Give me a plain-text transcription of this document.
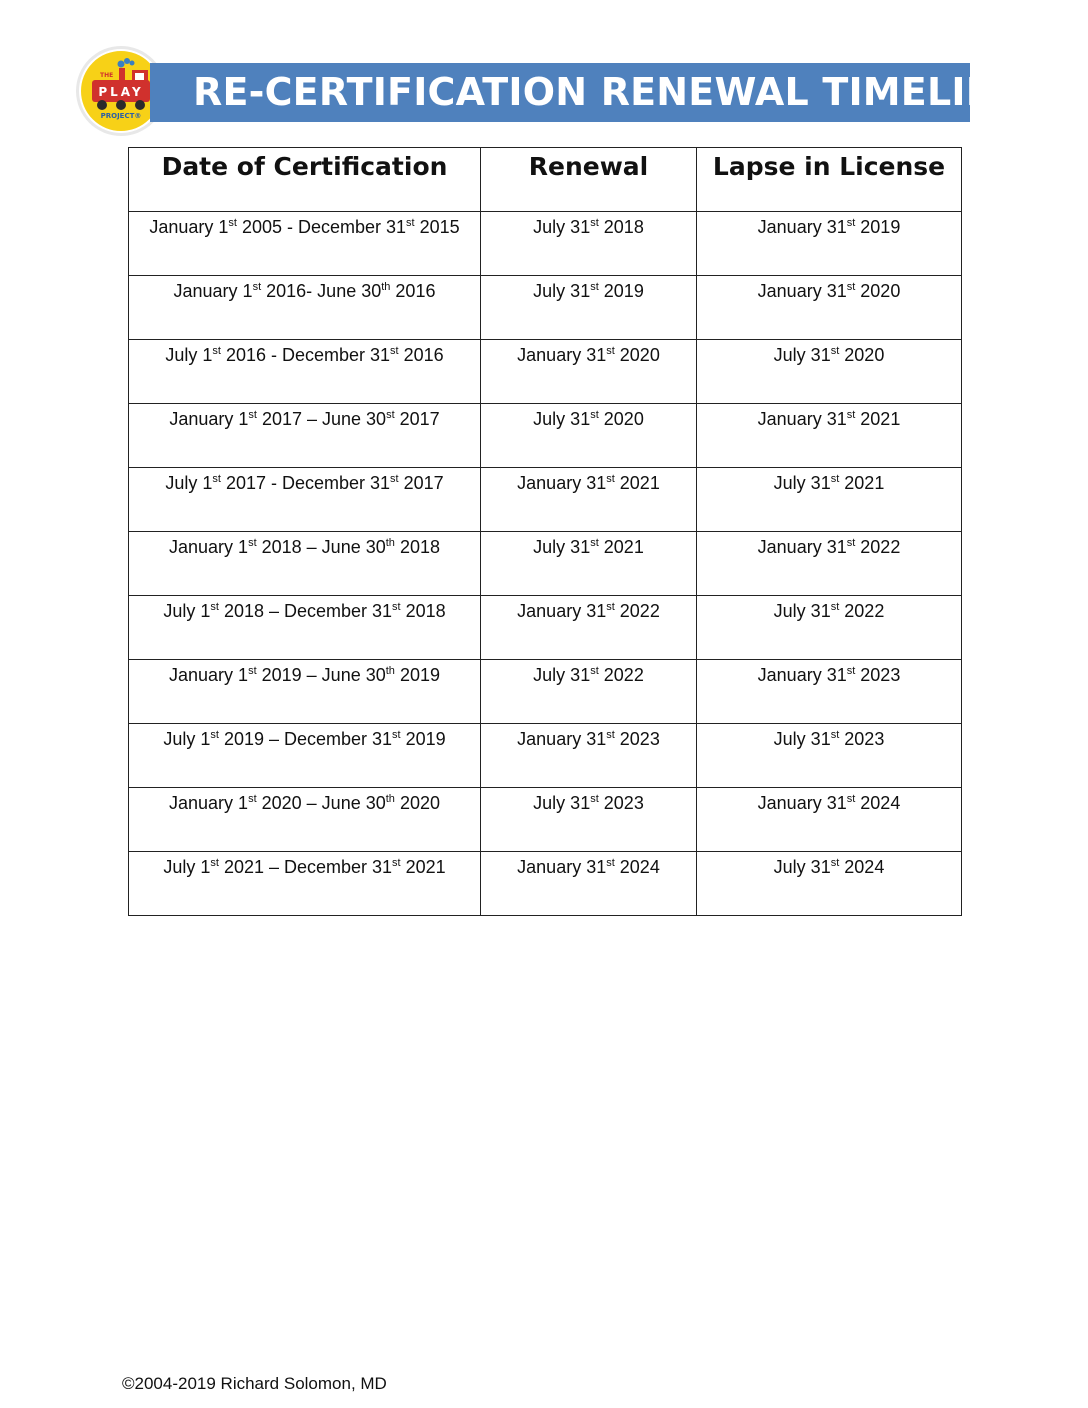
THE
PLAY
PROJECT®
RE-CERTIFICATION RENEWAL TIMELINE
Date of Certification	Renewal	Lapse in License
January 1st 2005 - December 31st 2015	July 31st 2018	January 31st 2019
January 1st 2016- June 30th 2016	July 31st 2019	January 31st 2020
July 1st 2016 - December 31st 2016	January 31st 2020	July 31st 2020
January 1st 2017 – June 30st 2017	July 31st 2020	January 31st 2021
July 1st 2017 - December 31st 2017	January 31st 2021	July 31st 2021
January 1st 2018 – June 30th 2018	July 31st 2021	January 31st 2022
July 1st 2018 – December 31st 2018	January 31st 2022	July 31st 2022
January 1st 2019 – June 30th 2019	July 31st 2022	January 31st 2023
July 1st 2019 – December 31st 2019	January 31st 2023	July 31st 2023
January 1st 2020 – June 30th 2020	July 31st 2023	January 31st 2024
July 1st 2021 – December 31st 2021	January 31st 2024	July 31st 2024
©2004-2019 Richard Solomon, MD
